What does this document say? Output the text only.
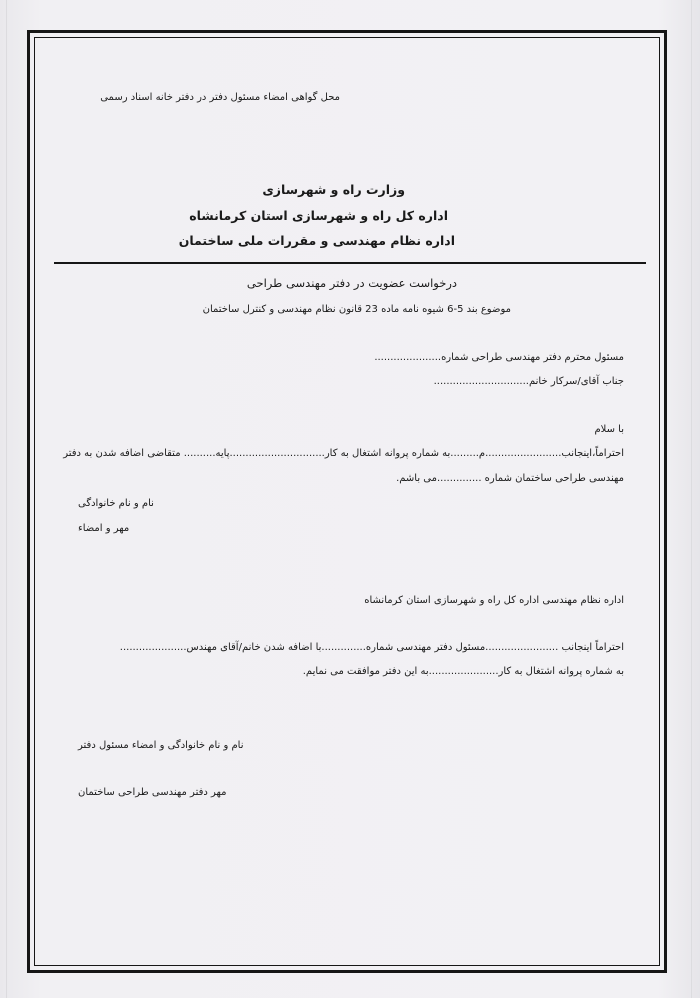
محل گواهی امضاء مسئول دفتر در دفتر خانه اسناد رسمی
وزارت راه و شهرسازی
اداره کل راه و شهرسازی استان کرمانشاه
اداره نظام مهندسی و مقررات ملی ساختمان
درخواست عضویت در دفتر مهندسی طراحی
موضوع بند 5-6 شیوه نامه ماده 23 قانون نظام مهندسی و کنترل ساختمان
مسئول محترم دفتر مهندسی طراحی شماره.....................
جناب آقای/سرکار خانم..............................
با سلام
احتراماً،اینجانب........................م.........به شماره پروانه اشتغال به کار..............................پایه.......... متقاضی اضافه شدن به دفتر
مهندسی طراحی ساختمان شماره ..............می باشم.
نام و نام خانوادگی
مهر و امضاء
اداره نظام مهندسی اداره کل راه و شهرسازی استان کرمانشاه
احتراماً اینجانب .......................مسئول دفتر مهندسی شماره..............با اضافه شدن خانم/آقای مهندس.....................
به شماره پروانه اشتغال به کار......................به این دفتر موافقت می نمایم.
نام و نام خانوادگی و امضاء مسئول دفتر
مهر دفتر مهندسی طراحی ساختمان
